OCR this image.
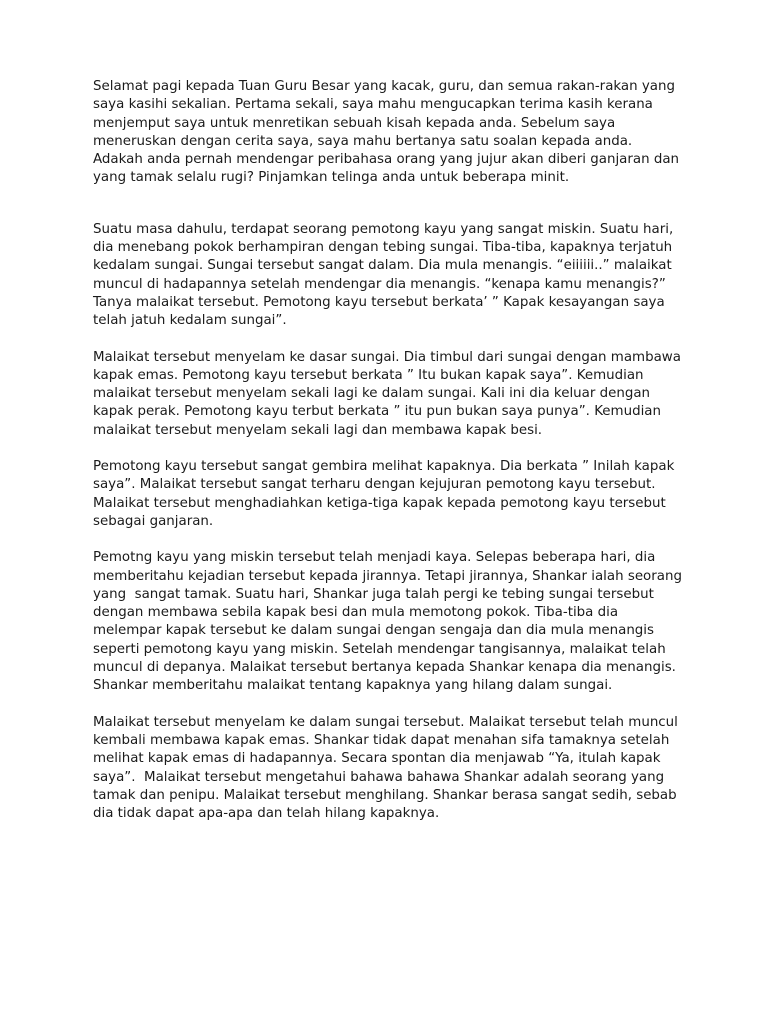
Selamat pagi kepada Tuan Guru Besar yang kacak, guru, dan semua rakan-rakan yang saya kasihi sekalian. Pertama sekali, saya mahu mengucapkan terima kasih kerana menjemput saya untuk menretikan sebuah kisah kepada anda. Sebelum saya meneruskan dengan cerita saya, saya mahu bertanya satu soalan kepada anda. Adakah anda pernah mendengar peribahasa orang yang jujur akan diberi ganjaran dan yang tamak selalu rugi? Pinjamkan telinga anda untuk beberapa minit.

Suatu masa dahulu, terdapat seorang pemotong kayu yang sangat miskin. Suatu hari, dia menebang pokok berhampiran dengan tebing sungai. Tiba-tiba, kapaknya terjatuh kedalam sungai. Sungai tersebut sangat dalam. Dia mula menangis. “eiiiiii..” malaikat muncul di hadapannya setelah mendengar dia menangis. “kenapa kamu menangis?” Tanya malaikat tersebut. Pemotong kayu tersebut berkata’ ” Kapak kesayangan saya telah jatuh kedalam sungai”.

Malaikat tersebut menyelam ke dasar sungai. Dia timbul dari sungai dengan mambawa kapak emas. Pemotong kayu tersebut berkata ” Itu bukan kapak saya”. Kemudian malaikat tersebut menyelam sekali lagi ke dalam sungai. Kali ini dia keluar dengan kapak perak. Pemotong kayu terbut berkata ” itu pun bukan saya punya”. Kemudian malaikat tersebut menyelam sekali lagi dan membawa kapak besi.

Pemotong kayu tersebut sangat gembira melihat kapaknya. Dia berkata ” Inilah kapak saya”. Malaikat tersebut sangat terharu dengan kejujuran pemotong kayu tersebut. Malaikat tersebut menghadiahkan ketiga-tiga kapak kepada pemotong kayu tersebut sebagai ganjaran.

Pemotng kayu yang miskin tersebut telah menjadi kaya. Selepas beberapa hari, dia memberitahu kejadian tersebut kepada jirannya. Tetapi jirannya, Shankar ialah seorang yang  sangat tamak. Suatu hari, Shankar juga talah pergi ke tebing sungai tersebut dengan membawa sebila kapak besi dan mula memotong pokok. Tiba-tiba dia melempar kapak tersebut ke dalam sungai dengan sengaja dan dia mula menangis seperti pemotong kayu yang miskin. Setelah mendengar tangisannya, malaikat telah muncul di depanya. Malaikat tersebut bertanya kepada Shankar kenapa dia menangis. Shankar memberitahu malaikat tentang kapaknya yang hilang dalam sungai.

Malaikat tersebut menyelam ke dalam sungai tersebut. Malaikat tersebut telah muncul kembali membawa kapak emas. Shankar tidak dapat menahan sifa tamaknya setelah melihat kapak emas di hadapannya. Secara spontan dia menjawab “Ya, itulah kapak saya”.  Malaikat tersebut mengetahui bahawa bahawa Shankar adalah seorang yang tamak dan penipu. Malaikat tersebut menghilang. Shankar berasa sangat sedih, sebab dia tidak dapat apa-apa dan telah hilang kapaknya.
